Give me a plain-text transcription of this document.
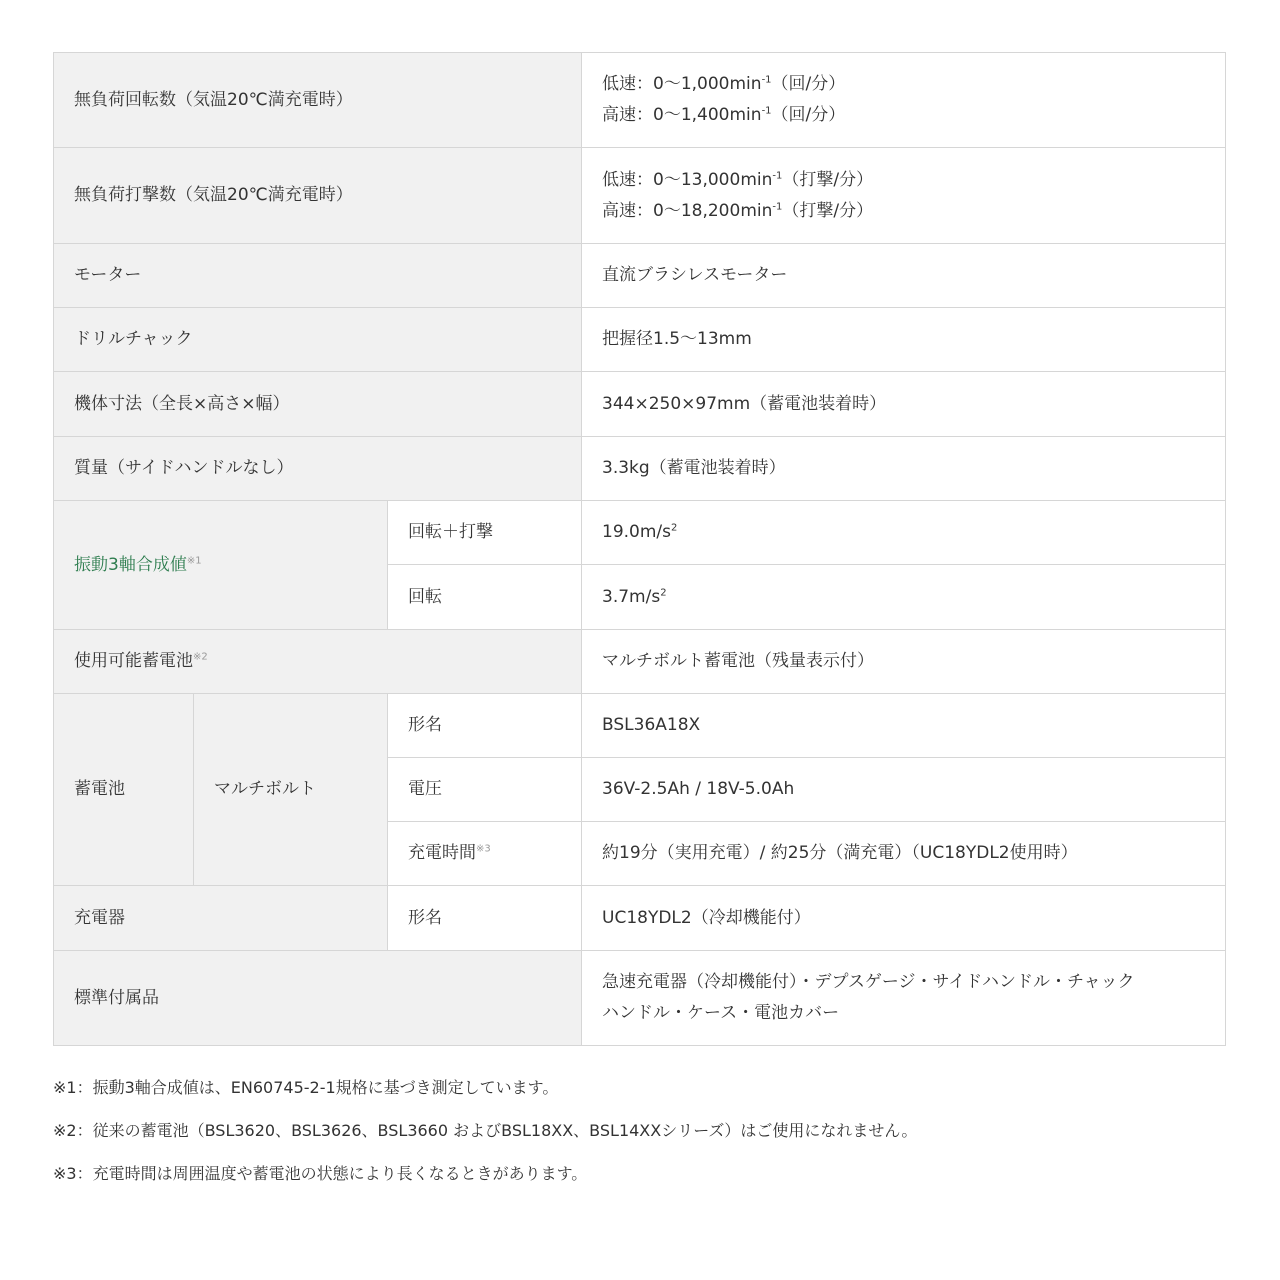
無負荷回転数（気温20℃満充電時）			低速：$0\sim 1,000\min^{-1}$（回/分）
高速：$0\sim 1,400\min^{-1}$（回/分）

無負荷打撃数（気温20℃満充電時）			低速：$0\sim 13,000\min^{-1}$（打撃/分）
高速：$0\sim 18,200\min^{-1}$（打撃/分）

モーター			直流ブラシレスモーター
ドリルチャック			把握径1.5～13mm
機体寸法（全長×高さ×幅）			344×250×97mm（蓄電池装着時）
質量（サイドハンドルなし）			3.3kg（蓄電池装着時）
振動3軸合成値$^{※1}$		回転＋打撃	$19.0m/s^2$
		回転	$3.7m/s^2$
使用可能蓄電池$^{※2}$			マルチボルト蓄電池（残量表示付）
蓄電池	マルチボルト	形名	BSL36A18X
		電圧	36V-2.5Ah / 18V-5.0Ah
		充電時間$^{※3}$	約19分（実用充電）/ 約25分（満充電）（UC18YDL2使用時）
充電器		形名	UC18YDL2（冷却機能付）
標準付属品			急速充電器（冷却機能付）・デプスゲージ・サイドハンドル・チャック
ハンドル・ケース・電池カバー
※1：振動3軸合成値は、EN60745-2-1規格に基づき測定しています。
※2：従来の蓄電池（BSL3620、BSL3626、BSL3660 およびBSL18XX、BSL14XXシリーズ）はご使用になれません。
※3：充電時間は周囲温度や蓄電池の状態により長くなるときがあります。
